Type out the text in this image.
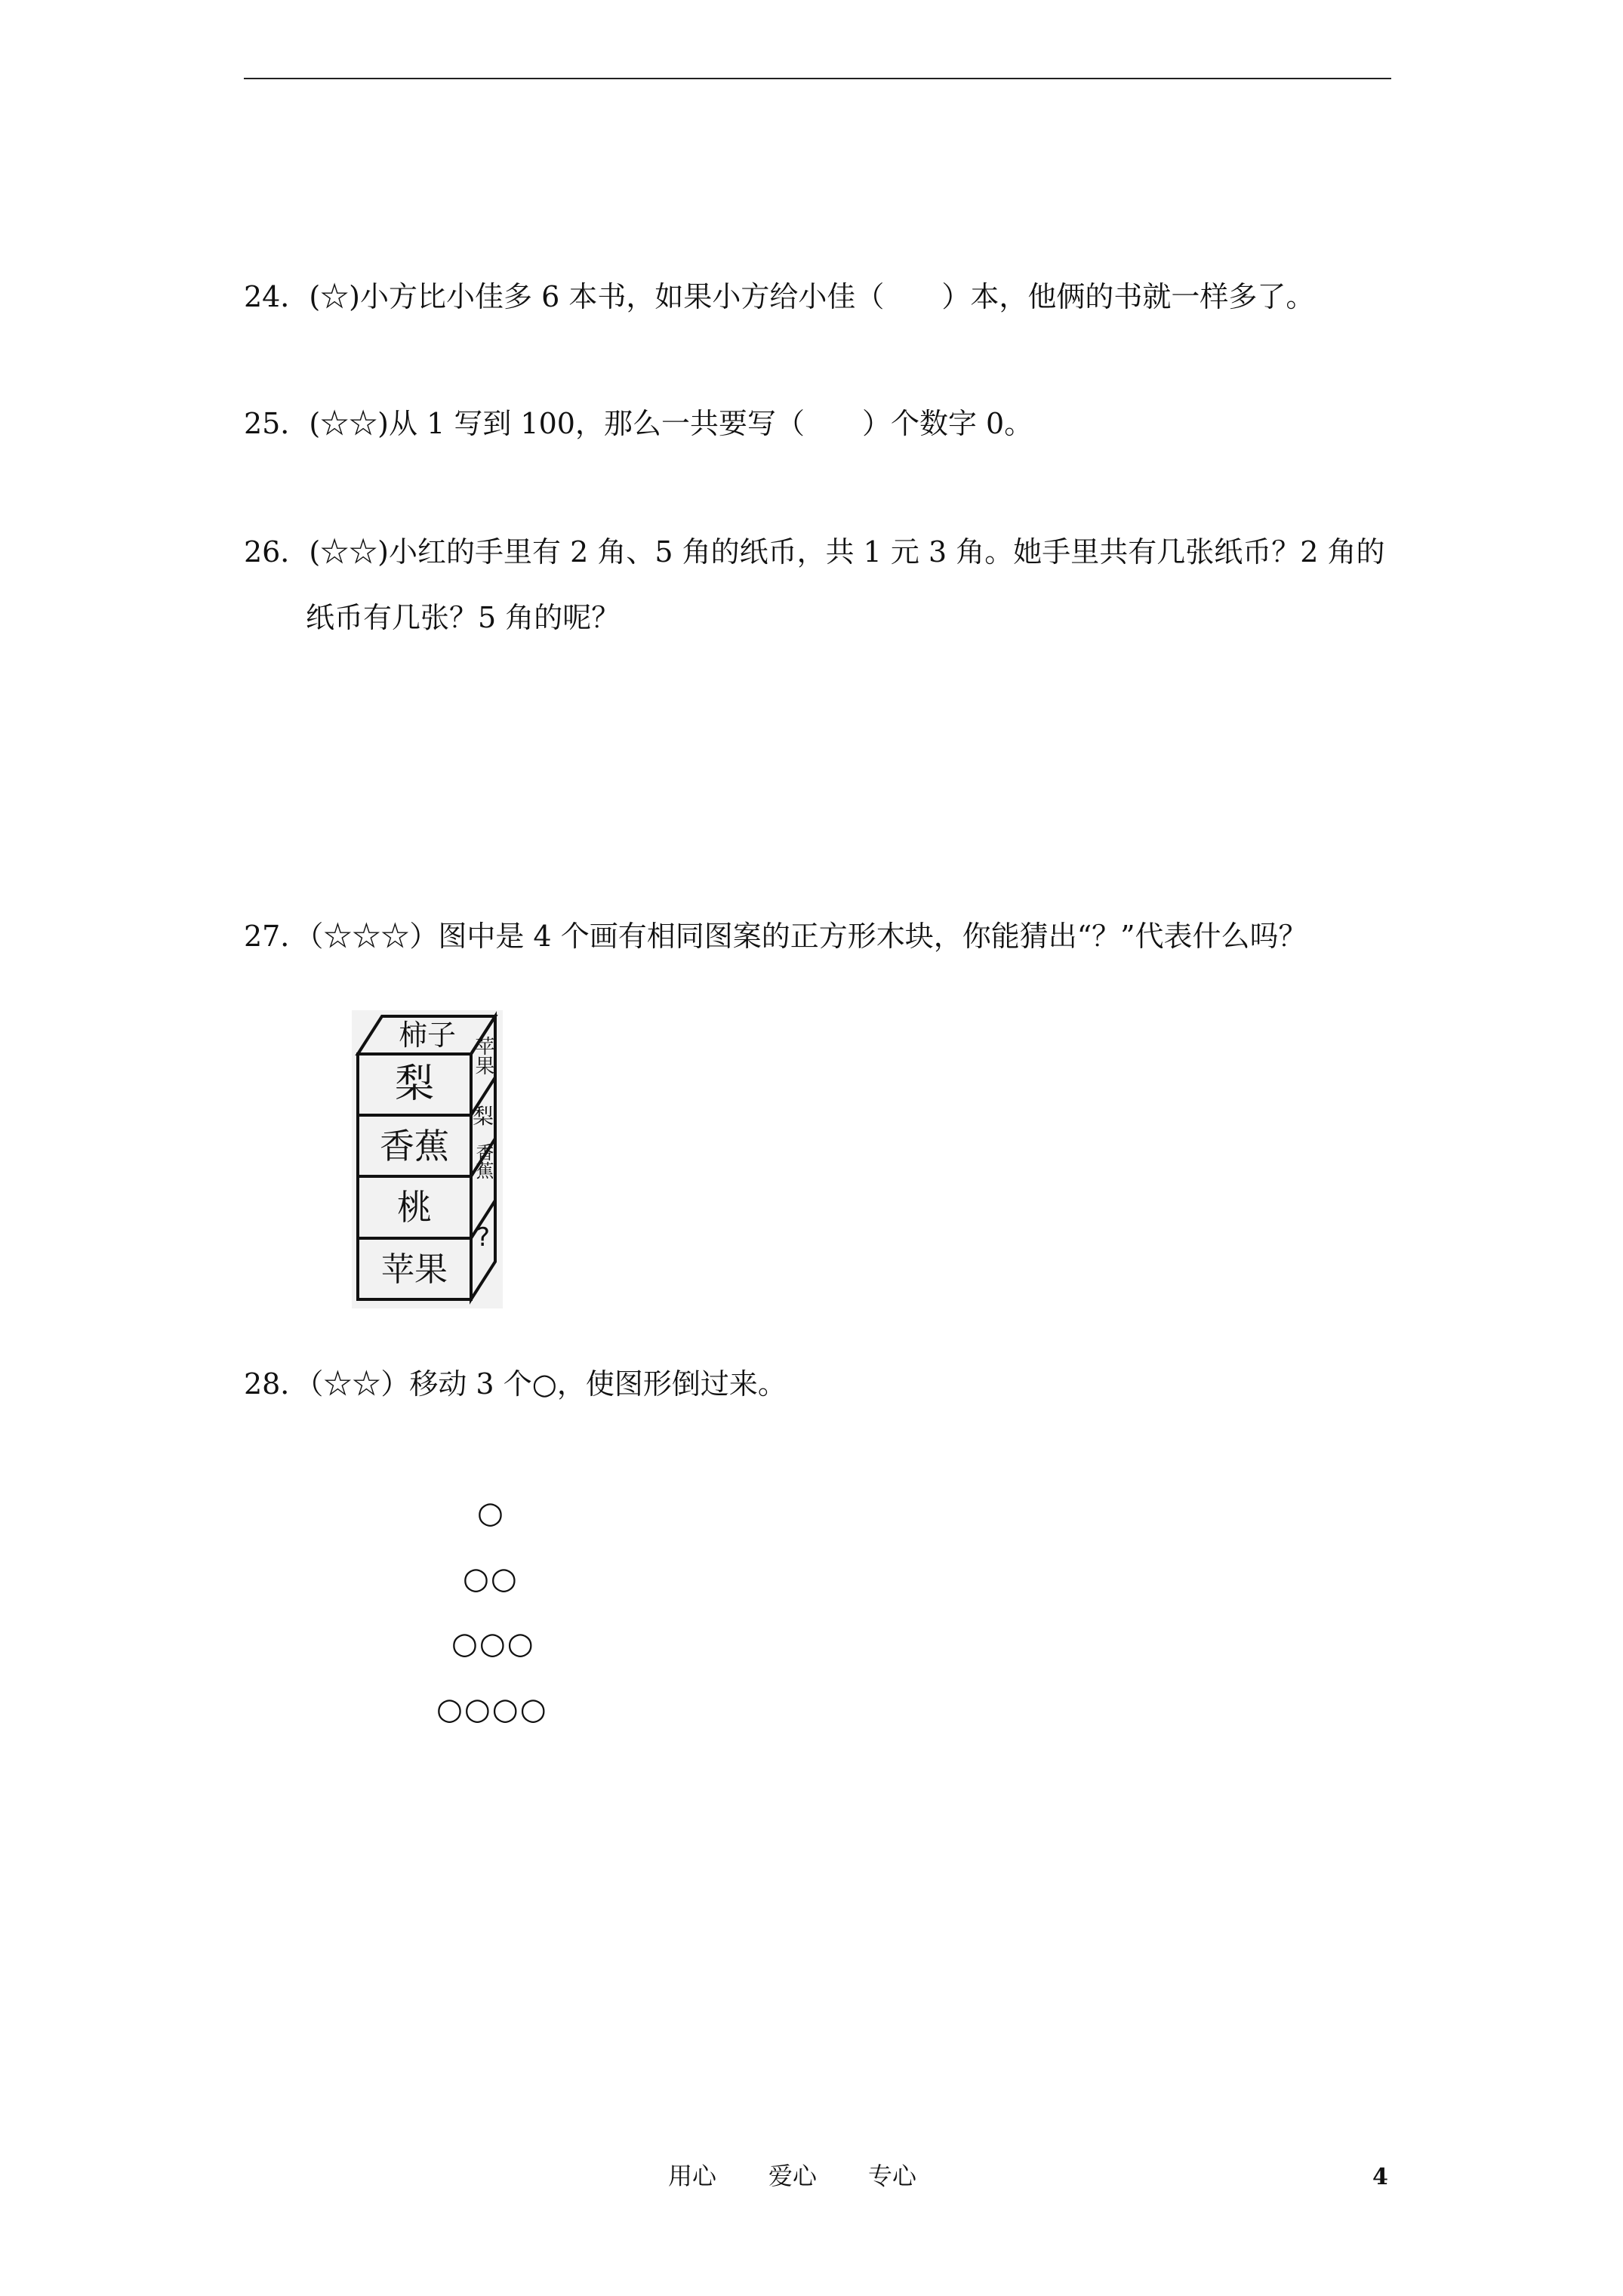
24．(☆)小方比小佳多 6 本书，如果小方给小佳（　　）本，他俩的书就一样多了。
25．(☆☆)从 1 写到 100，那么一共要写（　　）个数字 0。
26．(☆☆)小红的手里有 2 角、5 角的纸币，共 1 元 3 角。她手里共有几张纸币？2 角的
纸币有几张？5 角的呢？
27．（☆☆☆）图中是 4 个画有相同图案的正方形木块，你能猜出“？”代表什么吗？
柿子
梨
香蕉
桃
苹果
苹果
梨
香蕉
?
28．（☆☆）移动 3 个○，使图形倒过来。
○
○○
○○○
○○○○
用心 爱心 专心	4
